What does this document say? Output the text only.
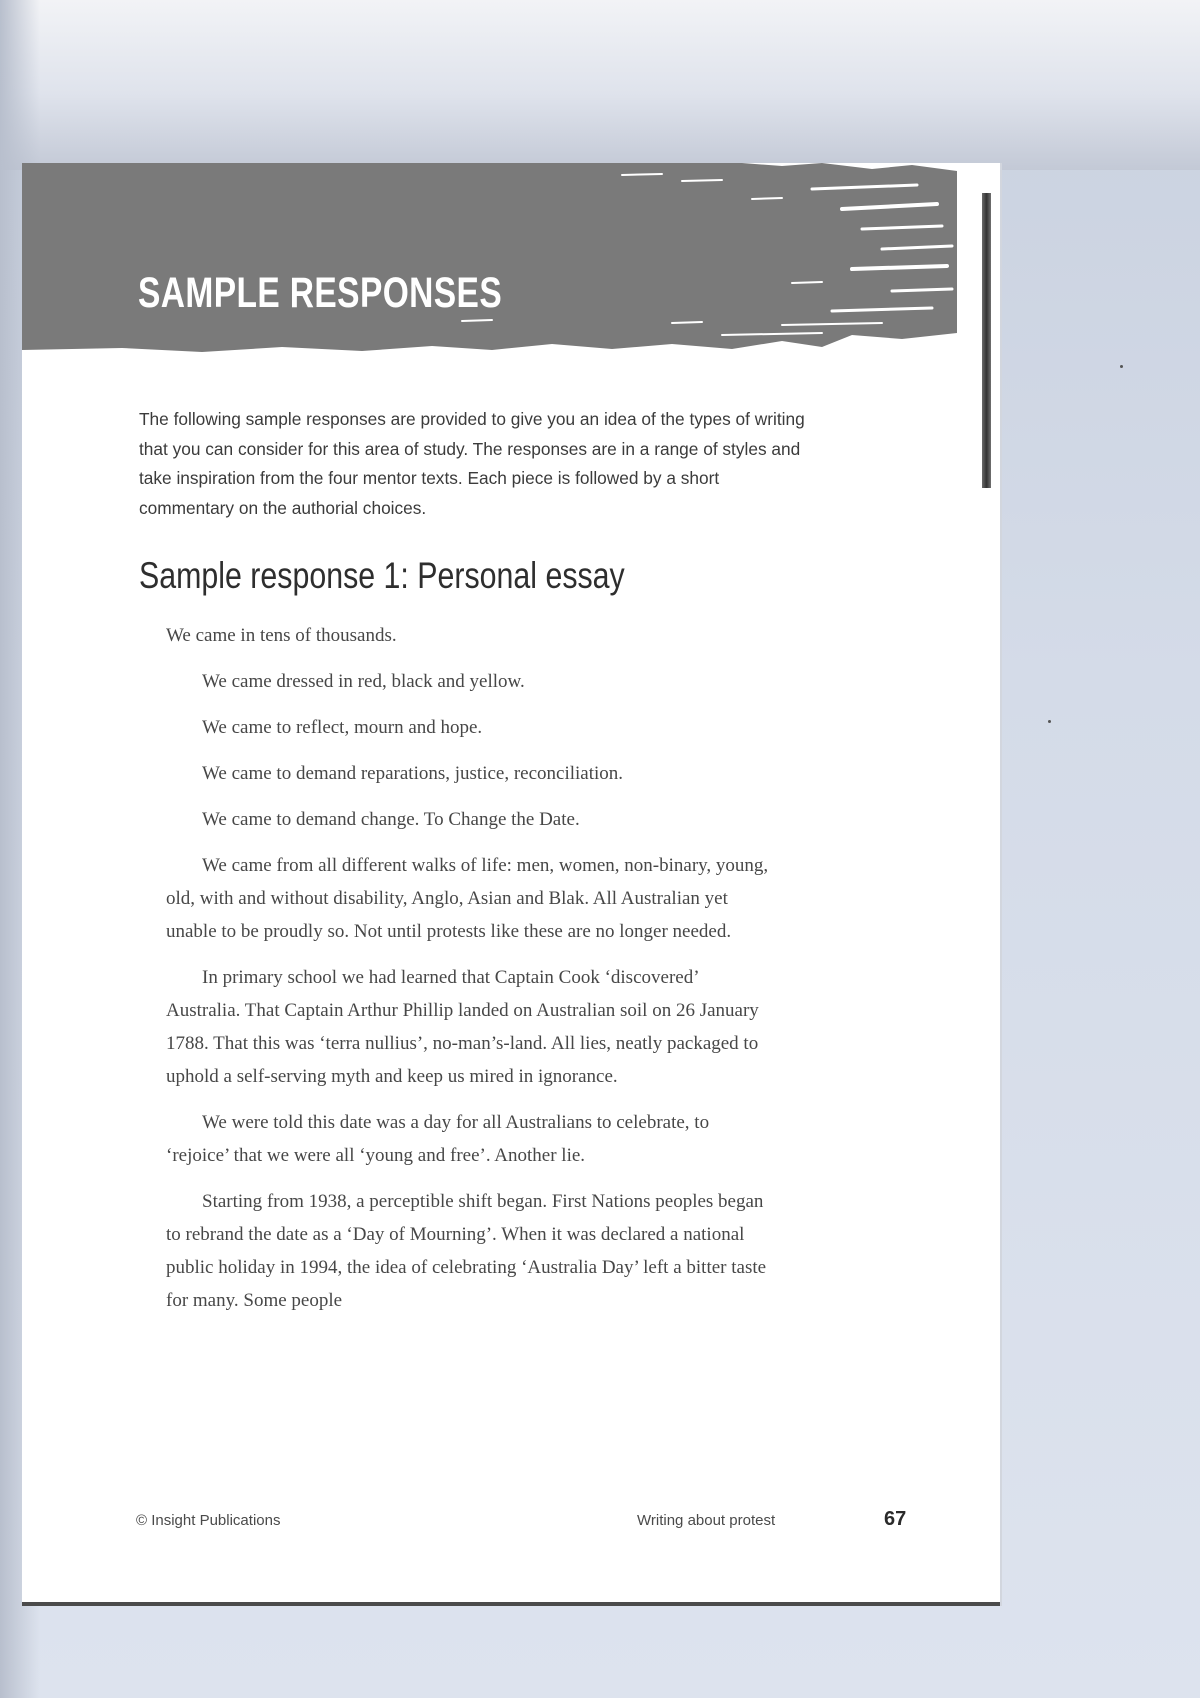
SAMPLE RESPONSES

The following sample responses are provided to give you an idea of the types of writing that you can consider for this area of study. The responses are in a range of styles and take inspiration from the four mentor texts. Each piece is followed by a short commentary on the authorial choices.

Sample response 1: Personal essay

We came in tens of thousands.

We came dressed in red, black and yellow.

We came to reflect, mourn and hope.

We came to demand reparations, justice, reconciliation.

We came to demand change. To Change the Date.

We came from all different walks of life: men, women, non-binary, young, old, with and without disability, Anglo, Asian and Blak. All Australian yet unable to be proudly so. Not until protests like these are no longer needed.

In primary school we had learned that Captain Cook ‘discovered’ Australia. That Captain Arthur Phillip landed on Australian soil on 26 January 1788. That this was ‘terra nullius’, no-man’s-land. All lies, neatly packaged to uphold a self-serving myth and keep us mired in ignorance.

We were told this date was a day for all Australians to celebrate, to ‘rejoice’ that we were all ‘young and free’. Another lie.

Starting from 1938, a perceptible shift began. First Nations peoples began to rebrand the date as a ‘Day of Mourning’. When it was declared a national public holiday in 1994, the idea of celebrating ‘Australia Day’ left a bitter taste for many. Some people

© Insight Publications	Writing about protest	67
